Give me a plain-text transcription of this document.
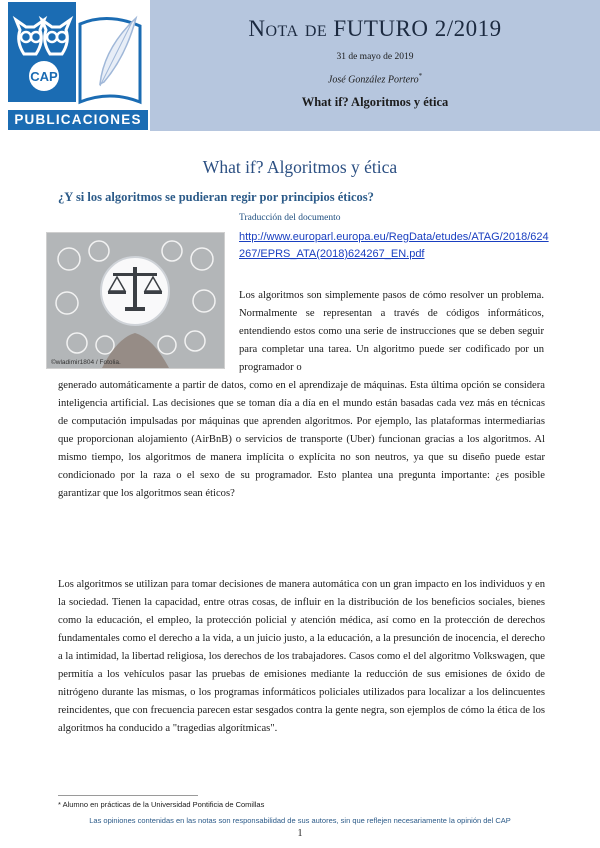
CAP
PUBLICACIONES
Nota de FUTURO 2/2019
31 de mayo de 2019
José González Portero*
What if? Algoritmos y ética
What if? Algoritmos y ética
¿Y si los algoritmos se pudieran regir por principios éticos?
Traducción del documento
http://www.europarl.europa.eu/RegData/etudes/ATAG/2018/624267/EPRS_ATA(2018)624267_EN.pdf
©wladimir1804 / Fotolia.
Los algoritmos son simplemente pasos de cómo resolver un problema. Normalmente se representan a través de códigos informáticos, entendiendo estos como una serie de instrucciones que se deben seguir para completar una tarea. Un algoritmo puede ser codificado por un programador o
generado automáticamente a partir de datos, como en el aprendizaje de máquinas. Esta última opción se considera inteligencia artificial. Las decisiones que se toman día a día en el mundo están basadas cada vez más en técnicas de computación impulsadas por máquinas que aprenden algoritmos. Por ejemplo, las plataformas intermediarias que proporcionan alojamiento (AirBnB) o servicios de transporte (Uber) funcionan gracias a los algoritmos. Al mismo tiempo, los algoritmos de manera implícita o explícita no son neutros, ya que su diseño puede estar condicionado por la raza o el sexo de su programador. Esto plantea una pregunta importante: ¿es posible garantizar que los algoritmos sean éticos?
Los algoritmos se utilizan para tomar decisiones de manera automática con un gran impacto en los individuos y en la sociedad. Tienen la capacidad, entre otras cosas, de influir en la distribución de los beneficios sociales, bienes como la educación, el empleo, la protección policial y atención médica, así como en la protección de derechos fundamentales como el derecho a la vida, a un juicio justo, a la educación, a la presunción de inocencia, el derecho a la intimidad, la libertad religiosa, los derechos de los trabajadores. Casos como el del algoritmo Volkswagen, que permitía a los vehículos pasar las pruebas de emisiones mediante la reducción de sus emisiones de óxido de nitrógeno durante las mismas, o los programas informáticos policiales utilizados para localizar a los delincuentes reincidentes, que con frecuencia parecen estar sesgados contra la gente negra, son ejemplos de cómo la ética de los algoritmos ha conducido a "tragedias algorítmicas".
* Alumno en prácticas de la Universidad Pontificia de Comillas
Las opiniones contenidas en las notas son responsabilidad de sus autores, sin que reflejen necesariamente la opinión del CAP
1
